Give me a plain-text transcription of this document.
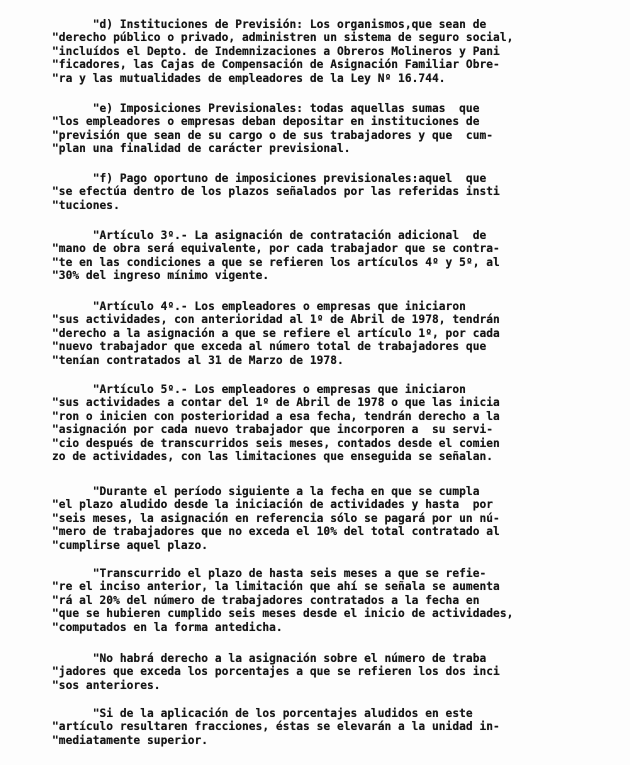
"d) Instituciones de Previsión: Los organismos,que sean de
"derecho público o privado, administren un sistema de seguro social,
"incluídos el Depto. de Indemnizaciones a Obreros Molineros y Pani
"ficadores, las Cajas de Compensación de Asignación Familiar Obre-
"ra y las mutualidades de empleadores de la Ley Nº 16.744.
"e) Imposiciones Previsionales: todas aquellas sumas  que
"los empleadores o empresas deban depositar en instituciones de
"previsión que sean de su cargo o de sus trabajadores y que  cum-
"plan una finalidad de carácter previsional.
"f) Pago oportuno de imposiciones previsionales:aquel  que
"se efectúa dentro de los plazos señalados por las referidas insti
"tuciones.
"Artículo 3º.- La asignación de contratación adicional  de
"mano de obra será equivalente, por cada trabajador que se contra-
"te en las condiciones a que se refieren los artículos 4º y 5º, al
"30% del ingreso mínimo vigente.
"Artículo 4º.- Los empleadores o empresas que iniciaron
"sus actividades, con anterioridad al 1º de Abril de 1978, tendrán
"derecho a la asignación a que se refiere el artículo 1º, por cada
"nuevo trabajador que exceda al número total de trabajadores que
"tenían contratados al 31 de Marzo de 1978.
"Artículo 5º.- Los empleadores o empresas que iniciaron
"sus actividades a contar del 1º de Abril de 1978 o que las inicia
"ron o inicien con posterioridad a esa fecha, tendrán derecho a la
"asignación por cada nuevo trabajador que incorporen a  su servi-
"cio después de transcurridos seis meses, contados desde el comien
zo de actividades, con las limitaciones que enseguida se señalan.
"Durante el período siguiente a la fecha en que se cumpla
"el plazo aludido desde la iniciación de actividades y hasta  por
"seis meses, la asignación en referencia sólo se pagará por un nú-
"mero de trabajadores que no exceda el 10% del total contratado al
"cumplirse aquel plazo.
"Transcurrido el plazo de hasta seis meses a que se refie-
"re el inciso anterior, la limitación que ahí se señala se aumenta
"rá al 20% del número de trabajadores contratados a la fecha en
"que se hubieren cumplido seis meses desde el inicio de actividades,
"computados en la forma antedicha.
"No habrá derecho a la asignación sobre el número de traba
"jadores que exceda los porcentajes a que se refieren los dos inci
"sos anteriores.
"Si de la aplicación de los porcentajes aludidos en este
"artículo resultaren fracciones, éstas se elevarán a la unidad in-
"mediatamente superior.
